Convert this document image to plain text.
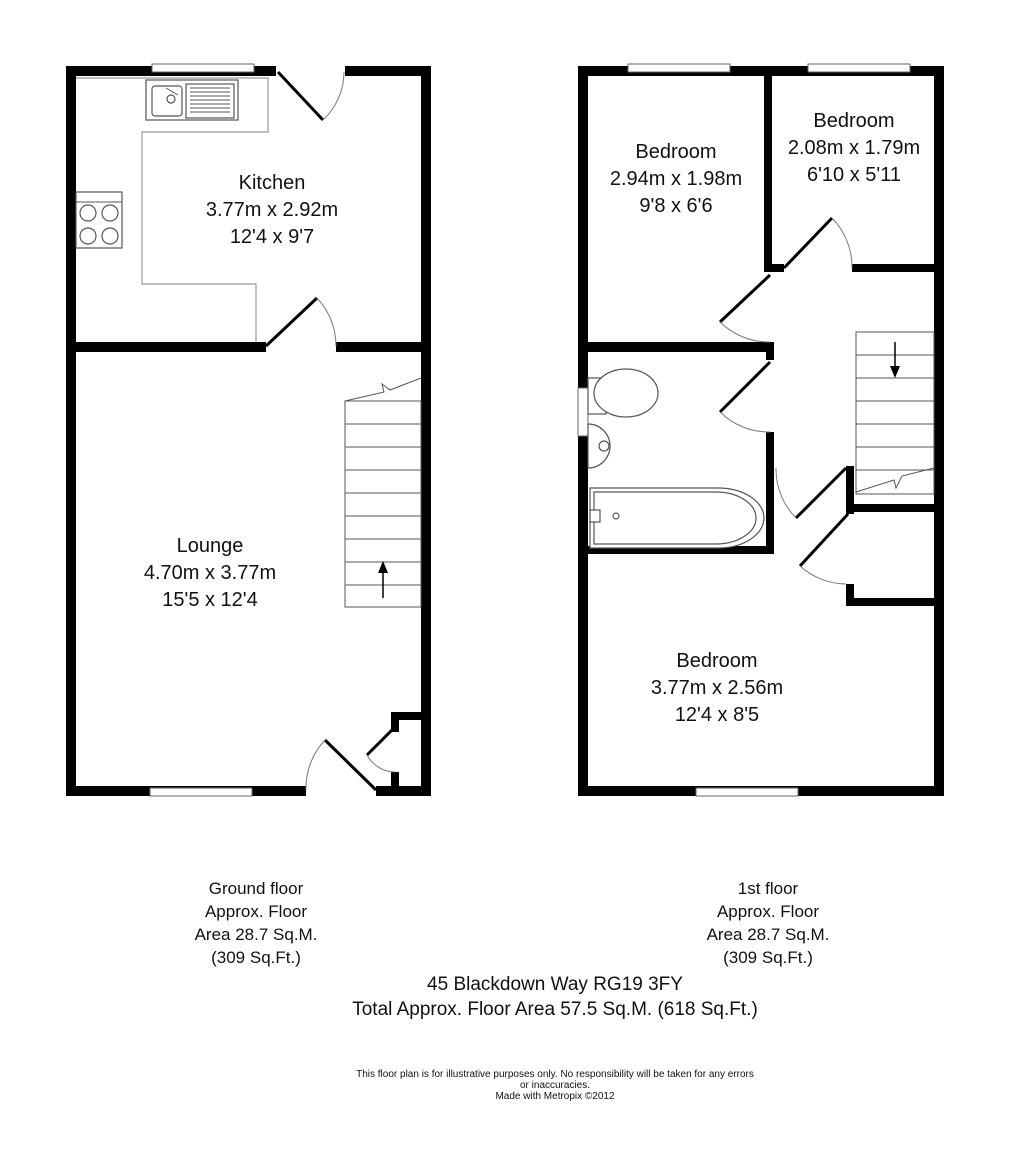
Kitchen
3.77m x 2.92m
12'4 x 9'7
Lounge
4.70m x 3.77m
15'5 x 12'4
Bedroom
2.94m x 1.98m
9'8 x 6'6
Bedroom
2.08m x 1.79m
6'10 x 5'11
Bedroom
3.77m x 2.56m
12'4 x 8'5
Ground floor
Approx. Floor
Area 28.7 Sq.M.
(309 Sq.Ft.)
1st floor
Approx. Floor
Area 28.7 Sq.M.
(309 Sq.Ft.)
45 Blackdown Way RG19 3FY
Total Approx. Floor Area 57.5 Sq.M. (618 Sq.Ft.)
This floor plan is for illustrative purposes only. No responsibility will be taken for any errors
or inaccuracies.
Made with Metropix ©2012
